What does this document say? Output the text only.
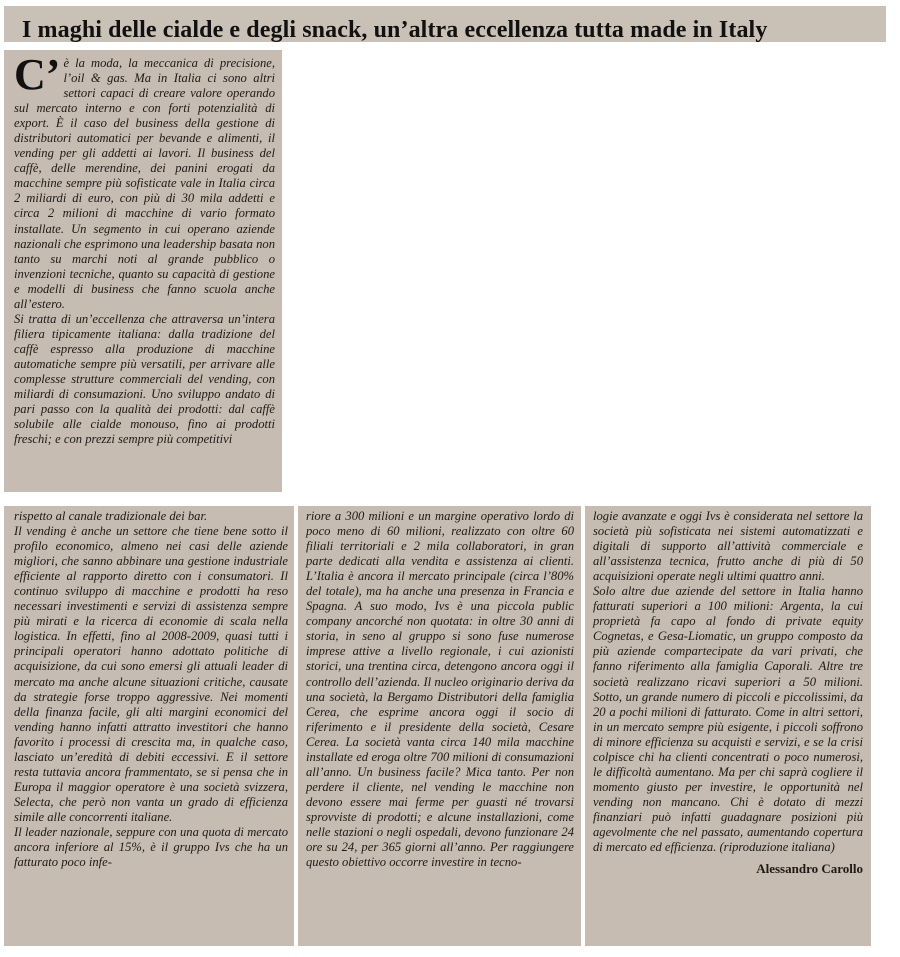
I maghi delle cialde e degli snack, un’altra eccellenza tutta made in Italy
C’ è la moda, la meccanica di precisione, l’oil & gas. Ma in Italia ci sono altri settori capaci di creare valore operando sul mercato interno e con forti potenzialità di export. È il caso del business della gestione di distributori automatici per bevande e alimenti, il vending per gli addetti ai lavori. Il business del caffè, delle merendine, dei panini erogati da macchine sempre più sofisticate vale in Italia circa 2 miliardi di euro, con più di 30 mila addetti e circa 2 milioni di macchine di vario formato installate. Un segmento in cui operano aziende nazionali che esprimono una leadership basata non tanto su marchi noti al grande pubblico o invenzioni tecniche, quanto su capacità di gestione e modelli di business che fanno scuola anche all’estero.

Si tratta di un’eccellenza che attraversa un’intera filiera tipicamente italiana: dalla tradizione del caffè espresso alla produzione di macchine automatiche sempre più versatili, per arrivare alle complesse strutture commerciali del vending, con miliardi di consumazioni. Uno sviluppo andato di pari passo con la qualità dei prodotti: dal caffè solubile alle cialde monouso, fino ai prodotti freschi; e con prezzi sempre più competitivi

rispetto al canale tradizionale dei bar.

Il vending è anche un settore che tiene bene sotto il profilo economico, almeno nei casi delle aziende migliori, che sanno abbinare una gestione industriale efficiente al rapporto diretto con i consumatori. Il continuo sviluppo di macchine e prodotti ha reso necessari investimenti e servizi di assistenza sempre più mirati e la ricerca di economie di scala nella logistica. In effetti, fino al 2008-2009, quasi tutti i principali operatori hanno adottato politiche di acquisizione, da cui sono emersi gli attuali leader di mercato ma anche alcune situazioni critiche, causate da strategie forse troppo aggressive. Nei momenti della finanza facile, gli alti margini economici del vending hanno infatti attratto investitori che hanno favorito i processi di crescita ma, in qualche caso, lasciato un’eredità di debiti eccessivi. E il settore resta tuttavia ancora frammentato, se si pensa che in Europa il maggior operatore è una società svizzera, Selecta, che però non vanta un grado di efficienza simile alle concorrenti italiane.

Il leader nazionale, seppure con una quota di mercato ancora inferiore al 15%, è il gruppo Ivs che ha un fatturato poco infe-

riore a 300 milioni e un margine operativo lordo di poco meno di 60 milioni, realizzato con oltre 60 filiali territoriali e 2 mila collaboratori, in gran parte dedicati alla vendita e assistenza ai clienti. L’Italia è ancora il mercato principale (circa l’80% del totale), ma ha anche una presenza in Francia e Spagna. A suo modo, Ivs è una piccola public company ancorché non quotata: in oltre 30 anni di storia, in seno al gruppo si sono fuse numerose imprese attive a livello regionale, i cui azionisti storici, una trentina circa, detengono ancora oggi il controllo dell’azienda. Il nucleo originario deriva da una società, la Bergamo Distributori della famiglia Cerea, che esprime ancora oggi il socio di riferimento e il presidente della società, Cesare Cerea. La società vanta circa 140 mila macchine installate ed eroga oltre 700 milioni di consumazioni all’anno. Un business facile? Mica tanto. Per non perdere il cliente, nel vending le macchine non devono essere mai ferme per guasti né trovarsi sprovviste di prodotti; e alcune installazioni, come nelle stazioni o negli ospedali, devono funzionare 24 ore su 24, per 365 giorni all’anno. Per raggiungere questo obiettivo occorre investire in tecno-

logie avanzate e oggi Ivs è considerata nel settore la società più sofisticata nei sistemi automatizzati e digitali di supporto all’attività commerciale e all’assistenza tecnica, frutto anche di più di 50 acquisizioni operate negli ultimi quattro anni.

Solo altre due aziende del settore in Italia hanno fatturati superiori a 100 milioni: Argenta, la cui proprietà fa capo al fondo di private equity Cognetas, e Gesa-Liomatic, un gruppo composto da più aziende compartecipate da vari privati, che fanno riferimento alla famiglia Caporali. Altre tre società realizzano ricavi superiori a 50 milioni. Sotto, un grande numero di piccoli e piccolissimi, da 20 a pochi milioni di fatturato. Come in altri settori, in un mercato sempre più esigente, i piccoli soffrono di minore efficienza su acquisti e servizi, e se la crisi colpisce chi ha clienti concentrati o poco numerosi, le difficoltà aumentano. Ma per chi saprà cogliere il momento giusto per investire, le opportunità nel vending non mancano. Chi è dotato di mezzi finanziari può infatti guadagnare posizioni più agevolmente che nel passato, aumentando copertura di mercato ed efficienza. (riproduzione italiana)

Alessandro Carollo
